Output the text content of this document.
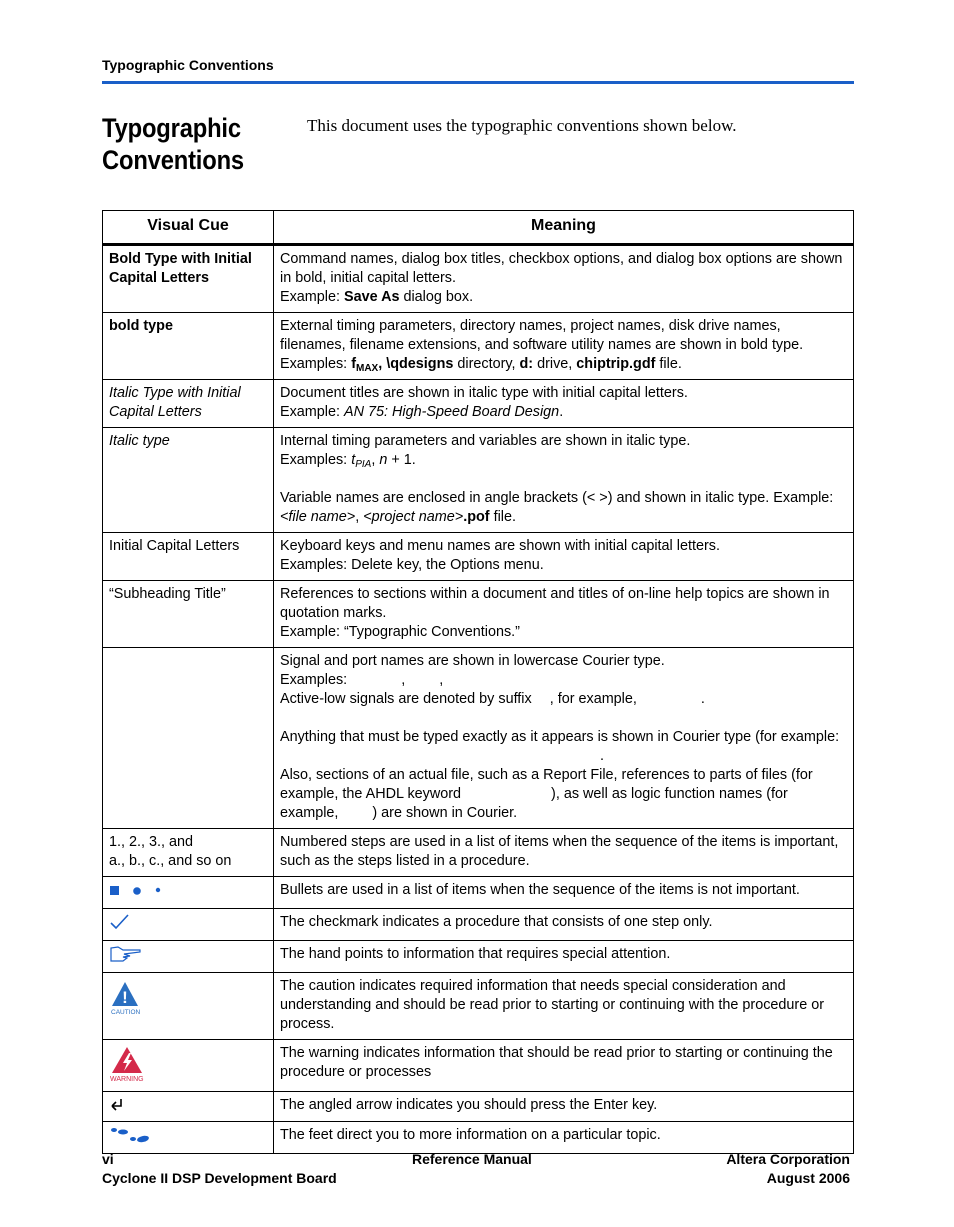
Typographic Conventions
Typographic Conventions
This document uses the typographic conventions shown below.
Visual Cue	Meaning
Bold Type with Initial Capital Letters	Command names, dialog box titles, checkbox options, and dialog box options are shown in bold, initial capital letters.
Example: Save As dialog box.
bold type	External timing parameters, directory names, project names, disk drive names, filenames, filename extensions, and software utility names are shown in bold type.
Examples: $f_{MAX}$, \qdesigns directory, d: drive, chiptrip.gdf file.
Italic Type with Initial Capital Letters	Document titles are shown in italic type with initial capital letters.
Example: AN 75: High-Speed Board Design.
Italic type	Internal timing parameters and variables are shown in italic type.
Examples: $t_{PIA}$, n + 1.
Variable names are enclosed in angle brackets (< >) and shown in italic type. Example: <file name>, <project name>.pof file.
Initial Capital Letters	Keyboard keys and menu names are shown with initial capital letters.
Examples: Delete key, the Options menu.
“Subheading Title”	References to sections within a document and titles of on-line help topics are shown in quotation marks.
Example: “Typographic Conventions.”
	Signal and port names are shown in lowercase Courier type.
Examples: , ,
Active-low signals are denoted by suffix , for example, .
Anything that must be typed exactly as it appears is shown in Courier type (for example: .
Also, sections of an actual file, such as a Report File, references to parts of files (for example, the AHDL keyword ), as well as logic function names (for example, ) are shown in Courier.
1., 2., 3., and
a., b., c., and so on	Numbered steps are used in a list of items when the sequence of the items is important, such as the steps listed in a procedure.
	Bullets are used in a list of items when the sequence of the items is not important.
	The checkmark indicates a procedure that consists of one step only.
	The hand points to information that requires special attention.

!
CAUTION	The caution indicates required information that needs special consideration and understanding and should be read prior to starting or continuing with the procedure or process.

WARNING	The warning indicates information that should be read prior to starting or continuing the procedure or processes
	The angled arrow indicates you should press the Enter key.
	The feet direct you to more information on a particular topic.
vi	Altera Corporation
Reference Manual
Cyclone II DSP Development Board	August 2006
